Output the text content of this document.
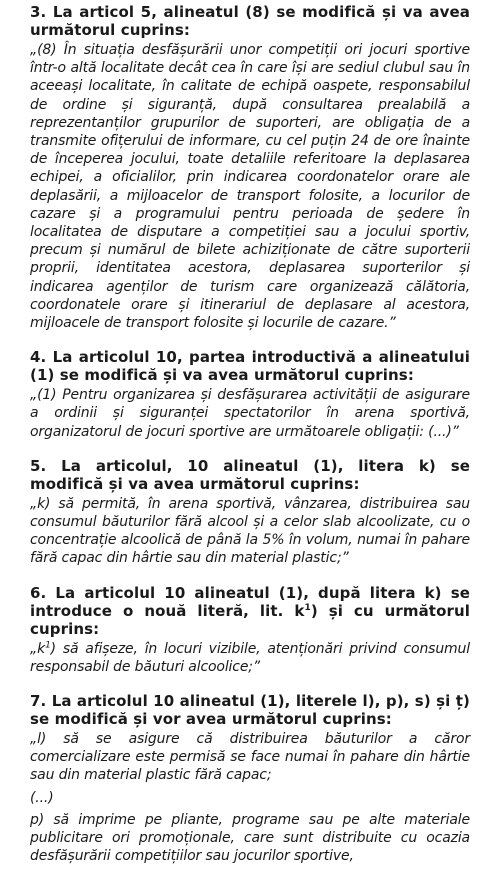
3. La articol 5, alineatul (8) se modifică și va avea următorul cuprins:

„(8) În situația desfășurării unor competiții ori jocuri sportive într-o altă localitate decât cea în care își are sediul clubul sau în aceeași localitate, în calitate de echipă oaspete, responsabilul de ordine și siguranță, după consultarea prealabilă a reprezentanților grupurilor de suporteri, are obligația de a transmite ofițerului de informare, cu cel puțin 24 de ore înainte de începerea jocului, toate detaliile referitoare la deplasarea echipei, a oficialilor, prin indicarea coordonatelor orare ale deplasării, a mijloacelor de transport folosite, a locurilor de cazare și a programului pentru perioada de ședere în localitatea de disputare a competiției sau a jocului sportiv, precum și numărul de bilete achiziționate de către suporterii proprii, identitatea acestora, deplasarea suporterilor și indicarea agenților de turism care organizează călătoria, coordonatele orare și itinerariul de deplasare al acestora, mijloacele de transport folosite și locurile de cazare.”

4. La articolul 10, partea introductivă a alineatului (1) se modifică și va avea următorul cuprins:

„(1) Pentru organizarea și desfășurarea activității de asigurare a ordinii și siguranței spectatorilor în arena sportivă, organizatorul de jocuri sportive are următoarele obligații: (...)”

5. La articolul, 10 alineatul (1), litera k) se modifică și va avea următorul cuprins:

„k) să permită, în arena sportivă, vânzarea, distribuirea sau consumul băuturilor fără alcool și a celor slab alcoolizate, cu o concentrație alcoolică de până la 5% în volum, numai în pahare fără capac din hârtie sau din material plastic;”

6. La articolul 10 alineatul (1), după litera k) se introduce o nouă literă, lit. $k^1$) și cu următorul cuprins:

$„k^1$) să afișeze, în locuri vizibile, atenționări privind consumul responsabil de băuturi alcoolice;”

7. La articolul 10 alineatul (1), literele l), p), s) și ț) se modifică și vor avea următorul cuprins:

„l) să se asigure că distribuirea băuturilor a căror comercializare este permisă se face numai în pahare din hârtie sau din material plastic fără capac;

(...)

p) să imprime pe pliante, programe sau pe alte materiale publicitare ori promoționale, care sunt distribuite cu ocazia desfășurării competițiilor sau jocurilor sportive,
